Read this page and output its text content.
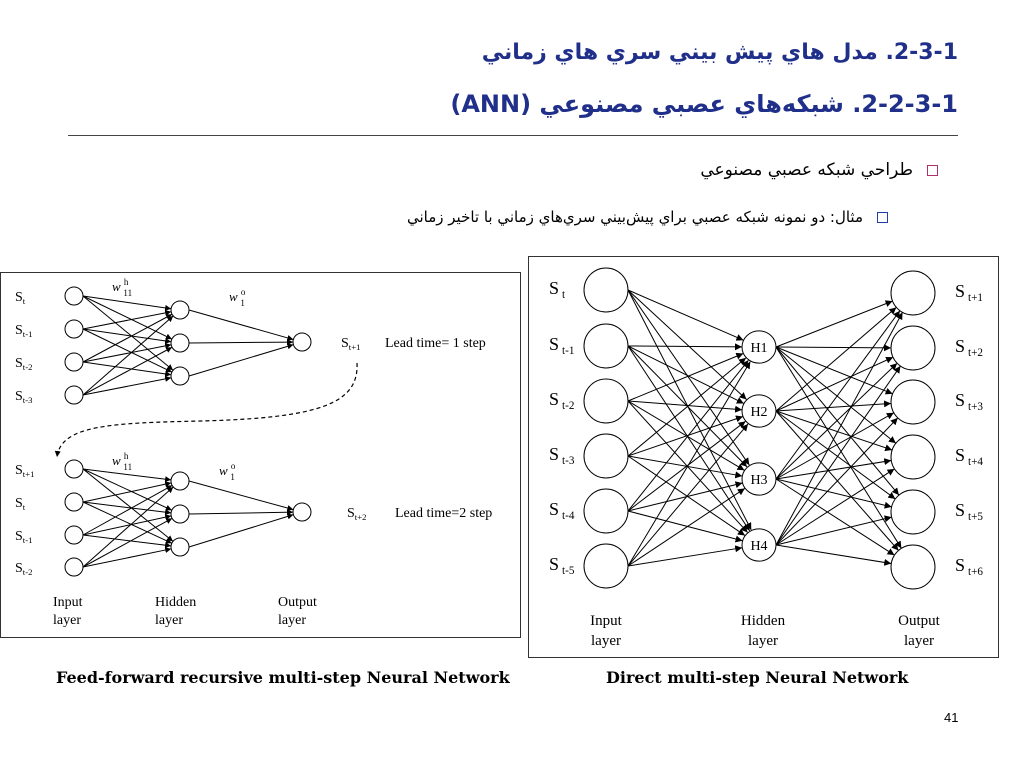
2-3-1. مدل هاي پيش بيني سري هاي زماني
2-2-3-1. شبکه‌هاي عصبي مصنوعي (ANN)
طراحي شبکه عصبي مصنوعي
مثال: دو نمونه شبکه عصبي براي پيش‌بيني سري‌هاي زماني با تاخير زماني
$S_t$
$S_{t-1}$
$S_{t-2}$
$S_{t-3}$
$S_{t+1}$ Lead time= 1 step
w $^h$ 11	w $^o$ 1
$S_{t+1}$
$S_t$
$S_{t-1}$
$S_{t-2}$
$S_{t+2}$ Lead time=2 step
w $^h$ 11	w $^o$ 1
Input
layer
Hidden
layer
Output
layer
S $_t$
S $_{t-1}$
S $_{t-2}$
S $_{t-3}$
S $_{t-4}$
S $_{t-5}$
H1
H2
H3
H4
S $_{t+1}$
S $_{t+2}$
S $_{t+3}$
S $_{t+4}$
S $_{t+5}$
S $_{t+6}$
Input
layer
Hidden
layer
Output
layer
Feed-forward recursive multi-step Neural Network	Direct multi-step Neural Network
41
